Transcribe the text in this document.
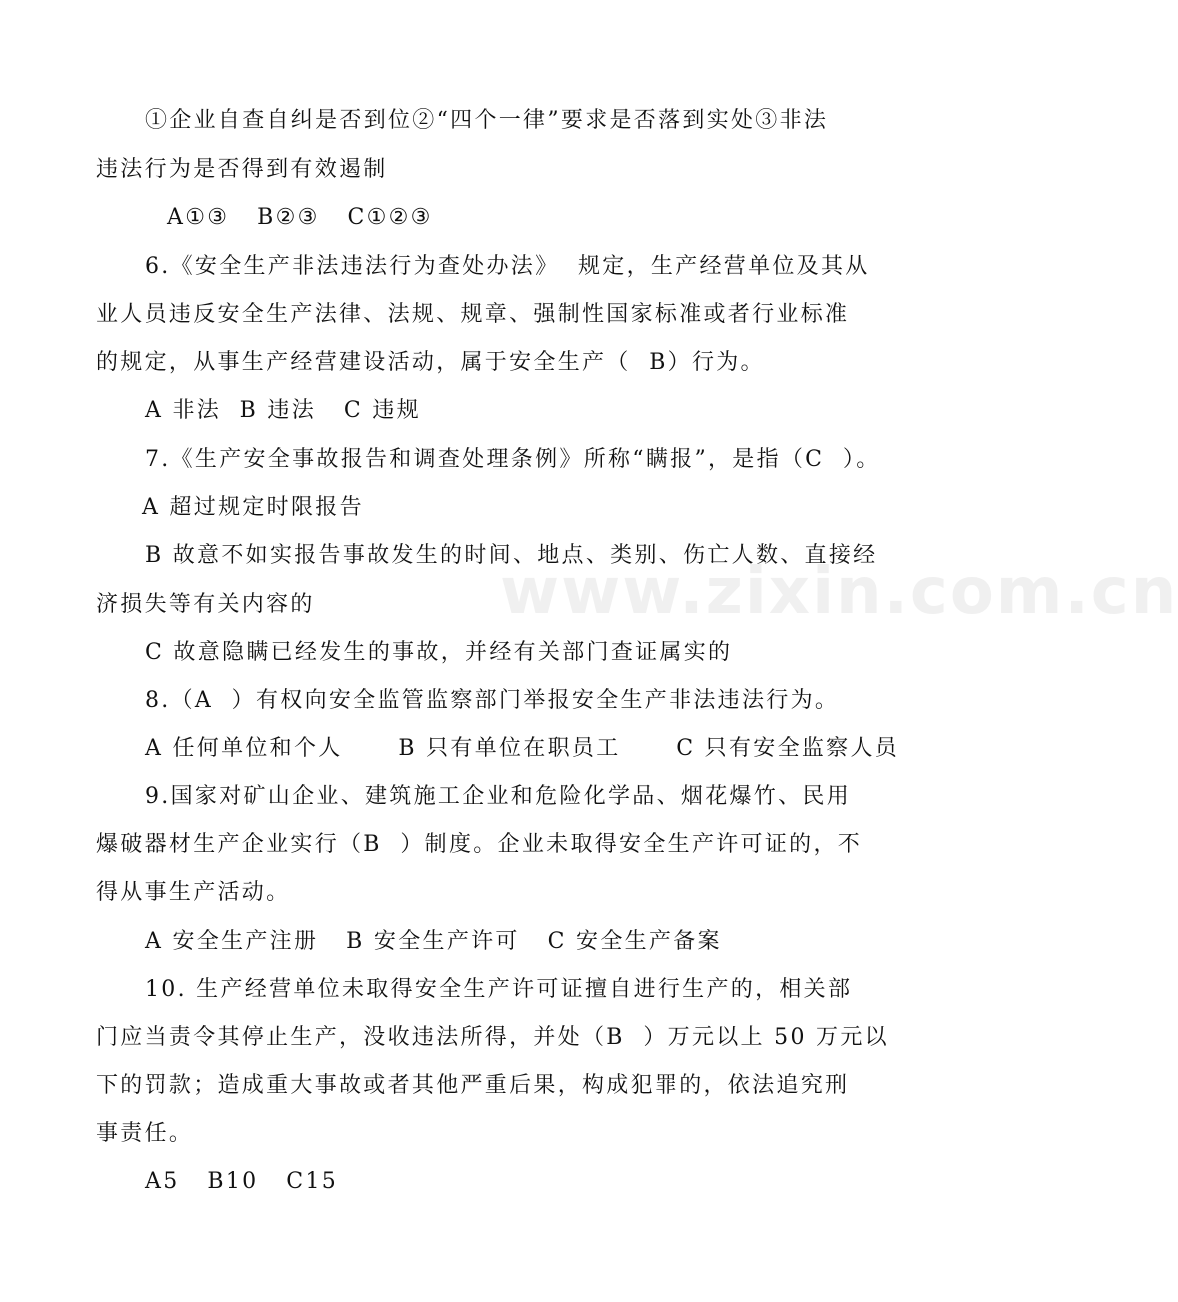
www.zixin.com.cn
①企业自查自纠是否到位②“四个一律”要求是否落到实处③非法
违法行为是否得到有效遏制
A①③   B②③   C①②③
6.《安全生产非法违法行为查处办法》  规定，生产经营单位及其从
业人员违反安全生产法律、法规、规章、强制性国家标准或者行业标准
的规定，从事生产经营建设活动，属于安全生产（  B）行为。
A 非法  B 违法   C 违规
7.《生产安全事故报告和调查处理条例》所称“瞒报”，是指（C  ）。
A 超过规定时限报告
B 故意不如实报告事故发生的时间、地点、类别、伤亡人数、直接经
济损失等有关内容的
C 故意隐瞒已经发生的事故，并经有关部门查证属实的
8.（A  ）有权向安全监管监察部门举报安全生产非法违法行为。
A 任何单位和个人      B 只有单位在职员工      C 只有安全监察人员
9.国家对矿山企业、建筑施工企业和危险化学品、烟花爆竹、民用
爆破器材生产企业实行（B  ）制度。企业未取得安全生产许可证的，不
得从事生产活动。
A 安全生产注册   B 安全生产许可   C 安全生产备案
10. 生产经营单位未取得安全生产许可证擅自进行生产的，相关部
门应当责令其停止生产，没收违法所得，并处（B  ）万元以上 50 万元以
下的罚款；造成重大事故或者其他严重后果，构成犯罪的，依法追究刑
事责任。
A5   B10   C15
